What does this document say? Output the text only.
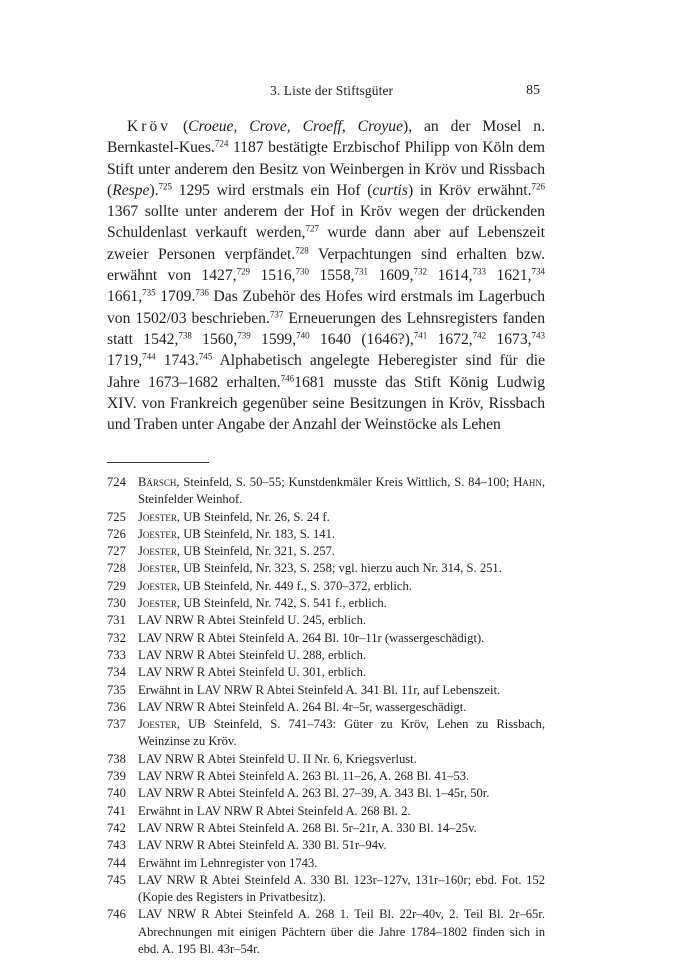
3. Liste der Stiftsgüter	85

Kröv (Croeue, Crove, Croeff, Croyue), an der Mosel n. Bernkastel-Kues.$^{724}$ 1187 bestätigte Erzbischof Philipp von Köln dem Stift unter anderem den Besitz von Weinbergen in Kröv und Rissbach (Respe).$^{725}$ 1295 wird erstmals ein Hof (curtis) in Kröv erwähnt.$^{726}$ 1367 sollte unter anderem der Hof in Kröv wegen der drückenden Schuldenlast verkauft werden,$^{727}$ wurde dann aber auf Lebenszeit zweier Personen verpfändet.$^{728}$ Verpachtungen sind erhalten bzw. erwähnt von 1427,$^{729}$ 1516,$^{730}$ 1558,$^{731}$ 1609,$^{732}$ 1614,$^{733}$ 1621,$^{734}$ 1661,$^{735}$ 1709.$^{736}$ Das Zubehör des Hofes wird erstmals im Lagerbuch von 1502/03 beschrieben.$^{737}$ Erneuerungen des Lehnsregisters fanden statt 1542,$^{738}$ 1560,$^{739}$ 1599,$^{740}$ 1640 (1646?),$^{741}$ 1672,$^{742}$ 1673,$^{743}$ 1719,$^{744}$ 1743.$^{745}$ Alphabetisch angelegte Heberegister sind für die Jahre 1673–1682 erhalten.$^{746}$1681 musste das Stift König Ludwig XIV. von Frankreich gegenüber seine Besitzungen in Kröv, Rissbach und Traben unter Angabe der Anzahl der Weinstöcke als Lehen

724 Bärsch, Steinfeld, S. 50–55; Kunstdenkmäler Kreis Wittlich, S. 84–100; Hahn, Steinfelder Weinhof.
725 Joester, UB Steinfeld, Nr. 26, S. 24 f.
726 Joester, UB Steinfeld, Nr. 183, S. 141.
727 Joester, UB Steinfeld, Nr. 321, S. 257.
728 Joester, UB Steinfeld, Nr. 323, S. 258; vgl. hierzu auch Nr. 314, S. 251.
729 Joester, UB Steinfeld, Nr. 449 f., S. 370–372, erblich.
730 Joester, UB Steinfeld, Nr. 742, S. 541 f., erblich.
731 LAV NRW R Abtei Steinfeld U. 245, erblich.
732 LAV NRW R Abtei Steinfeld A. 264 Bl. 10r–11r (wassergeschädigt).
733 LAV NRW R Abtei Steinfeld U. 288, erblich.
734 LAV NRW R Abtei Steinfeld U. 301, erblich.
735 Erwähnt in LAV NRW R Abtei Steinfeld A. 341 Bl. 11r, auf Lebenszeit.
736 LAV NRW R Abtei Steinfeld A. 264 Bl. 4r–5r, wassergeschädigt.
737 Joester, UB Steinfeld, S. 741–743: Güter zu Kröv, Lehen zu Rissbach, Weinzinse zu Kröv.
738 LAV NRW R Abtei Steinfeld U. II Nr. 6, Kriegsverlust.
739 LAV NRW R Abtei Steinfeld A. 263 Bl. 11–26, A. 268 Bl. 41–53.
740 LAV NRW R Abtei Steinfeld A. 263 Bl. 27–39, A. 343 Bl. 1–45r, 50r.
741 Erwähnt in LAV NRW R Abtei Steinfeld A. 268 Bl. 2.
742 LAV NRW R Abtei Steinfeld A. 268 Bl. 5r–21r, A. 330 Bl. 14–25v.
743 LAV NRW R Abtei Steinfeld A. 330 Bl. 51r–94v.
744 Erwähnt im Lehnregister von 1743.
745 LAV NRW R Abtei Steinfeld A. 330 Bl. 123r–127v, 131r–160r; ebd. Fot. 152 (Kopie des Registers in Privatbesitz).
746 LAV NRW R Abtei Steinfeld A. 268 1. Teil Bl. 22r–40v, 2. Teil Bl. 2r–65r. Abrechnungen mit einigen Pächtern über die Jahre 1784–1802 finden sich in ebd. A. 195 Bl. 43r–54r.
